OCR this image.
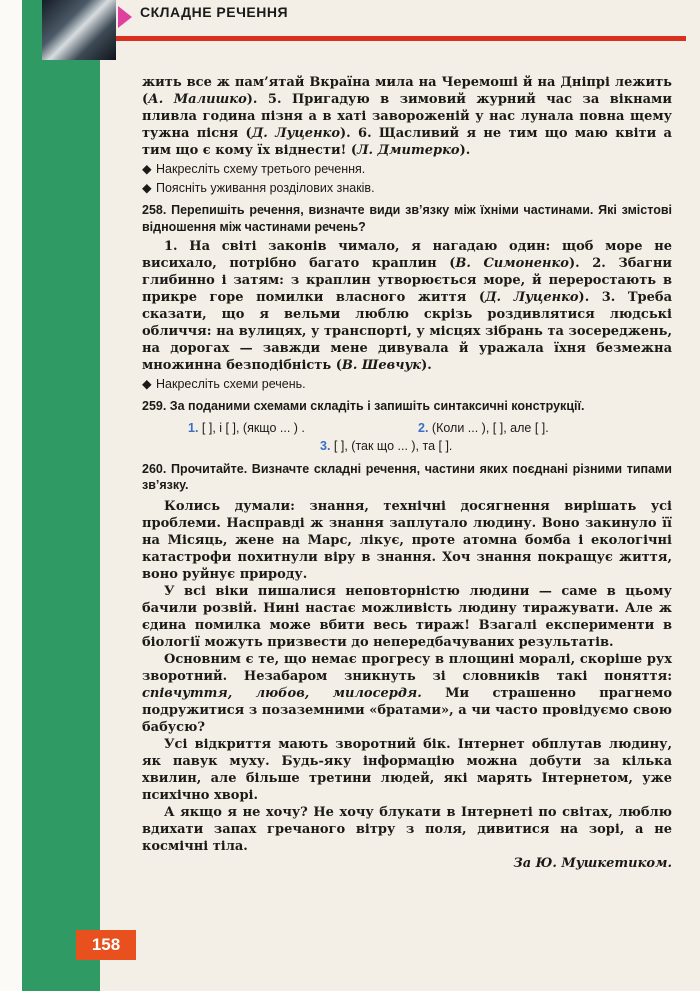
СКЛАДНЕ РЕЧЕННЯ

жить все ж пам’ятай Вкраїна мила на Черемоші й на Дніпрі лежить (А. Малишко). 5. Пригадую в зимовий журний час за вікнами пливла година пізня а в хаті завороженій у нас лунала повна щему тужна пісня (Д. Луценко). 6. Щасливий я не тим що маю квіти а тим що є кому їх віднести! (Л. Дмитерко).

◆ Накресліть схему третього речення.
◆ Поясніть уживання розділових знаків.
258. Перепишіть речення, визначте види зв’язку між їхніми частинами. Які змістові відношення між частинами речень?

1. На світі законів чимало, я нагадаю один: щоб море не висихало, потрібно багато краплин (В. Симоненко). 2. Збагни глибинно і затям: з краплин утворюється море, й переростають в прикре горе помилки власного життя (Д. Луценко). 3. Треба сказати, що я вельми люблю скрізь роздивлятися людські обличчя: на вулицях, у транспорті, у місцях зібрань та зосереджень, на дорогах — завжди мене дивувала й уражала їхня безмежна множинна безподібність (В. Шевчук).

◆ Накресліть схеми речень.
259. За поданими схемами складіть і запишіть синтаксичні конструкції.
1. [ ], і [ ], (якщо ... ) .	2. (Коли ... ), [ ], але [ ].
3. [ ], (так що ... ), та [ ].
260. Прочитайте. Визначте складні речення, частини яких поєднані різними типами зв’язку.

Колись думали: знання, технічні досягнення вирішать усі проблеми. Насправді ж знання заплутало людину. Воно закинуло її на Місяць, жене на Марс, лікує, проте атомна бомба і екологічні катастрофи похитнули віру в знання. Хоч знання покращує життя, воно руйнує природу.

У всі віки пишалися неповторністю людини — саме в цьому бачили розвій. Нині настає можливість людину тиражувати. Але ж єдина помилка може вбити весь тираж! Взагалі експерименти в біології можуть призвести до непередбачуваних результатів.

Основним є те, що немає прогресу в площині моралі, скоріше рух зворотний. Незабаром зникнуть зі словників такі поняття: співчуття, любов, милосердя. Ми страшенно прагнемо подружитися з позаземними «братами», а чи часто провідуємо свою бабусю?

Усі відкриття мають зворотний бік. Інтернет обплутав людину, як павук муху. Будь-яку інформацію можна добути за кілька хвилин, але більше третини людей, які марять Інтернетом, уже психічно хворі.

А якщо я не хочу? Не хочу блукати в Інтернеті по світах, люблю вдихати запах гречаного вітру з поля, дивитися на зорі, а не космічні тіла.

За Ю. Мушкетиком.

158
